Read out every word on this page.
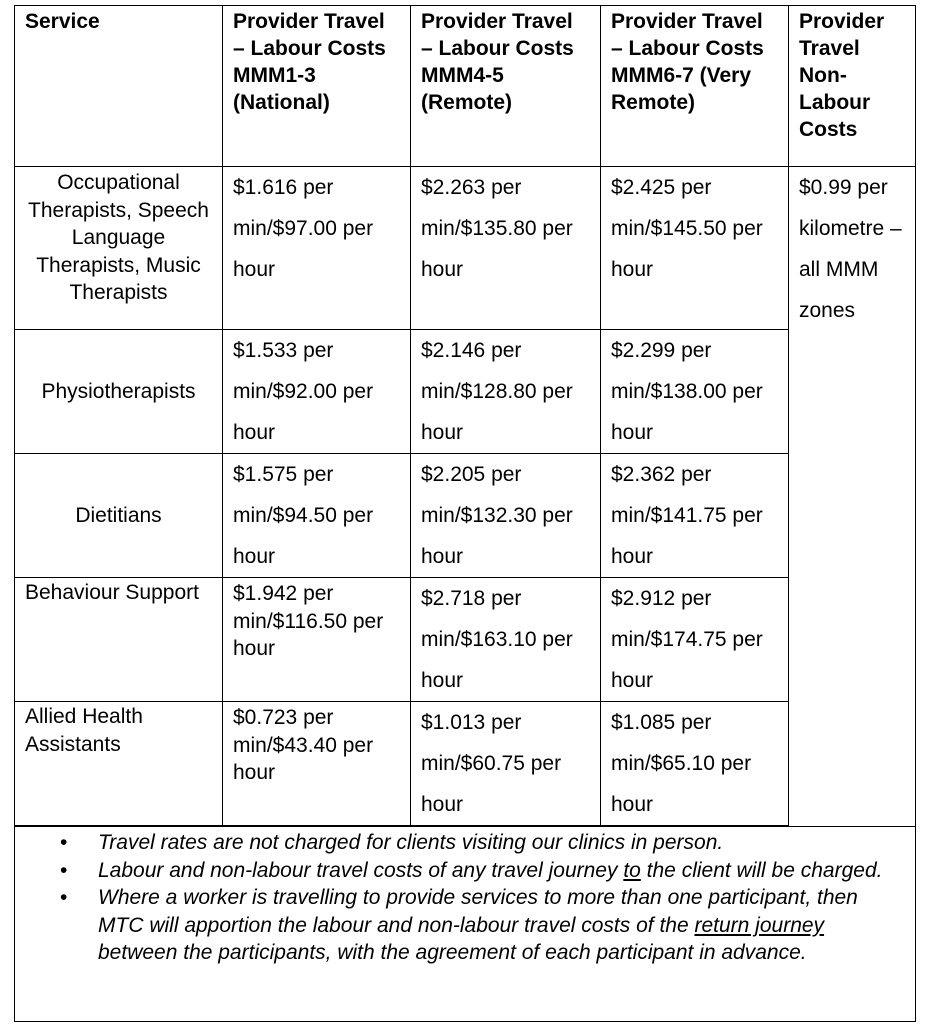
Service	Provider Travel – Labour Costs MMM1-3 (National)	Provider Travel – Labour Costs MMM4-5 (Remote)	Provider Travel – Labour Costs MMM6-7 (Very Remote)	Provider Travel Non-Labour Costs
Occupational Therapists, Speech Language Therapists, Music Therapists	$1.616 per min/$97.00 per hour	$2.263 per min/$135.80 per hour	$2.425 per min/$145.50 per hour	$0.99 per kilometre – all MMM zones
Physiotherapists	$1.533 per min/$92.00 per hour	$2.146 per min/$128.80 per hour	$2.299 per min/$138.00 per hour	
Dietitians	$1.575 per min/$94.50 per hour	$2.205 per min/$132.30 per hour	$2.362 per min/$141.75 per hour	
Behaviour Support	$1.942 per min/$116.50 per hour	$2.718 per min/$163.10 per hour	$2.912 per min/$174.75 per hour	
Allied Health Assistants	$0.723 per min/$43.40 per hour	$1.013 per min/$60.75 per hour	$1.085 per min/$65.10 per hour	
• Travel rates are not charged for clients visiting our clinics in person.
• Labour and non-labour travel costs of any travel journey to the client will be charged.
• Where a worker is travelling to provide services to more than one participant, then MTC will apportion the labour and non-labour travel costs of the return journey between the participants, with the agreement of each participant in advance.
